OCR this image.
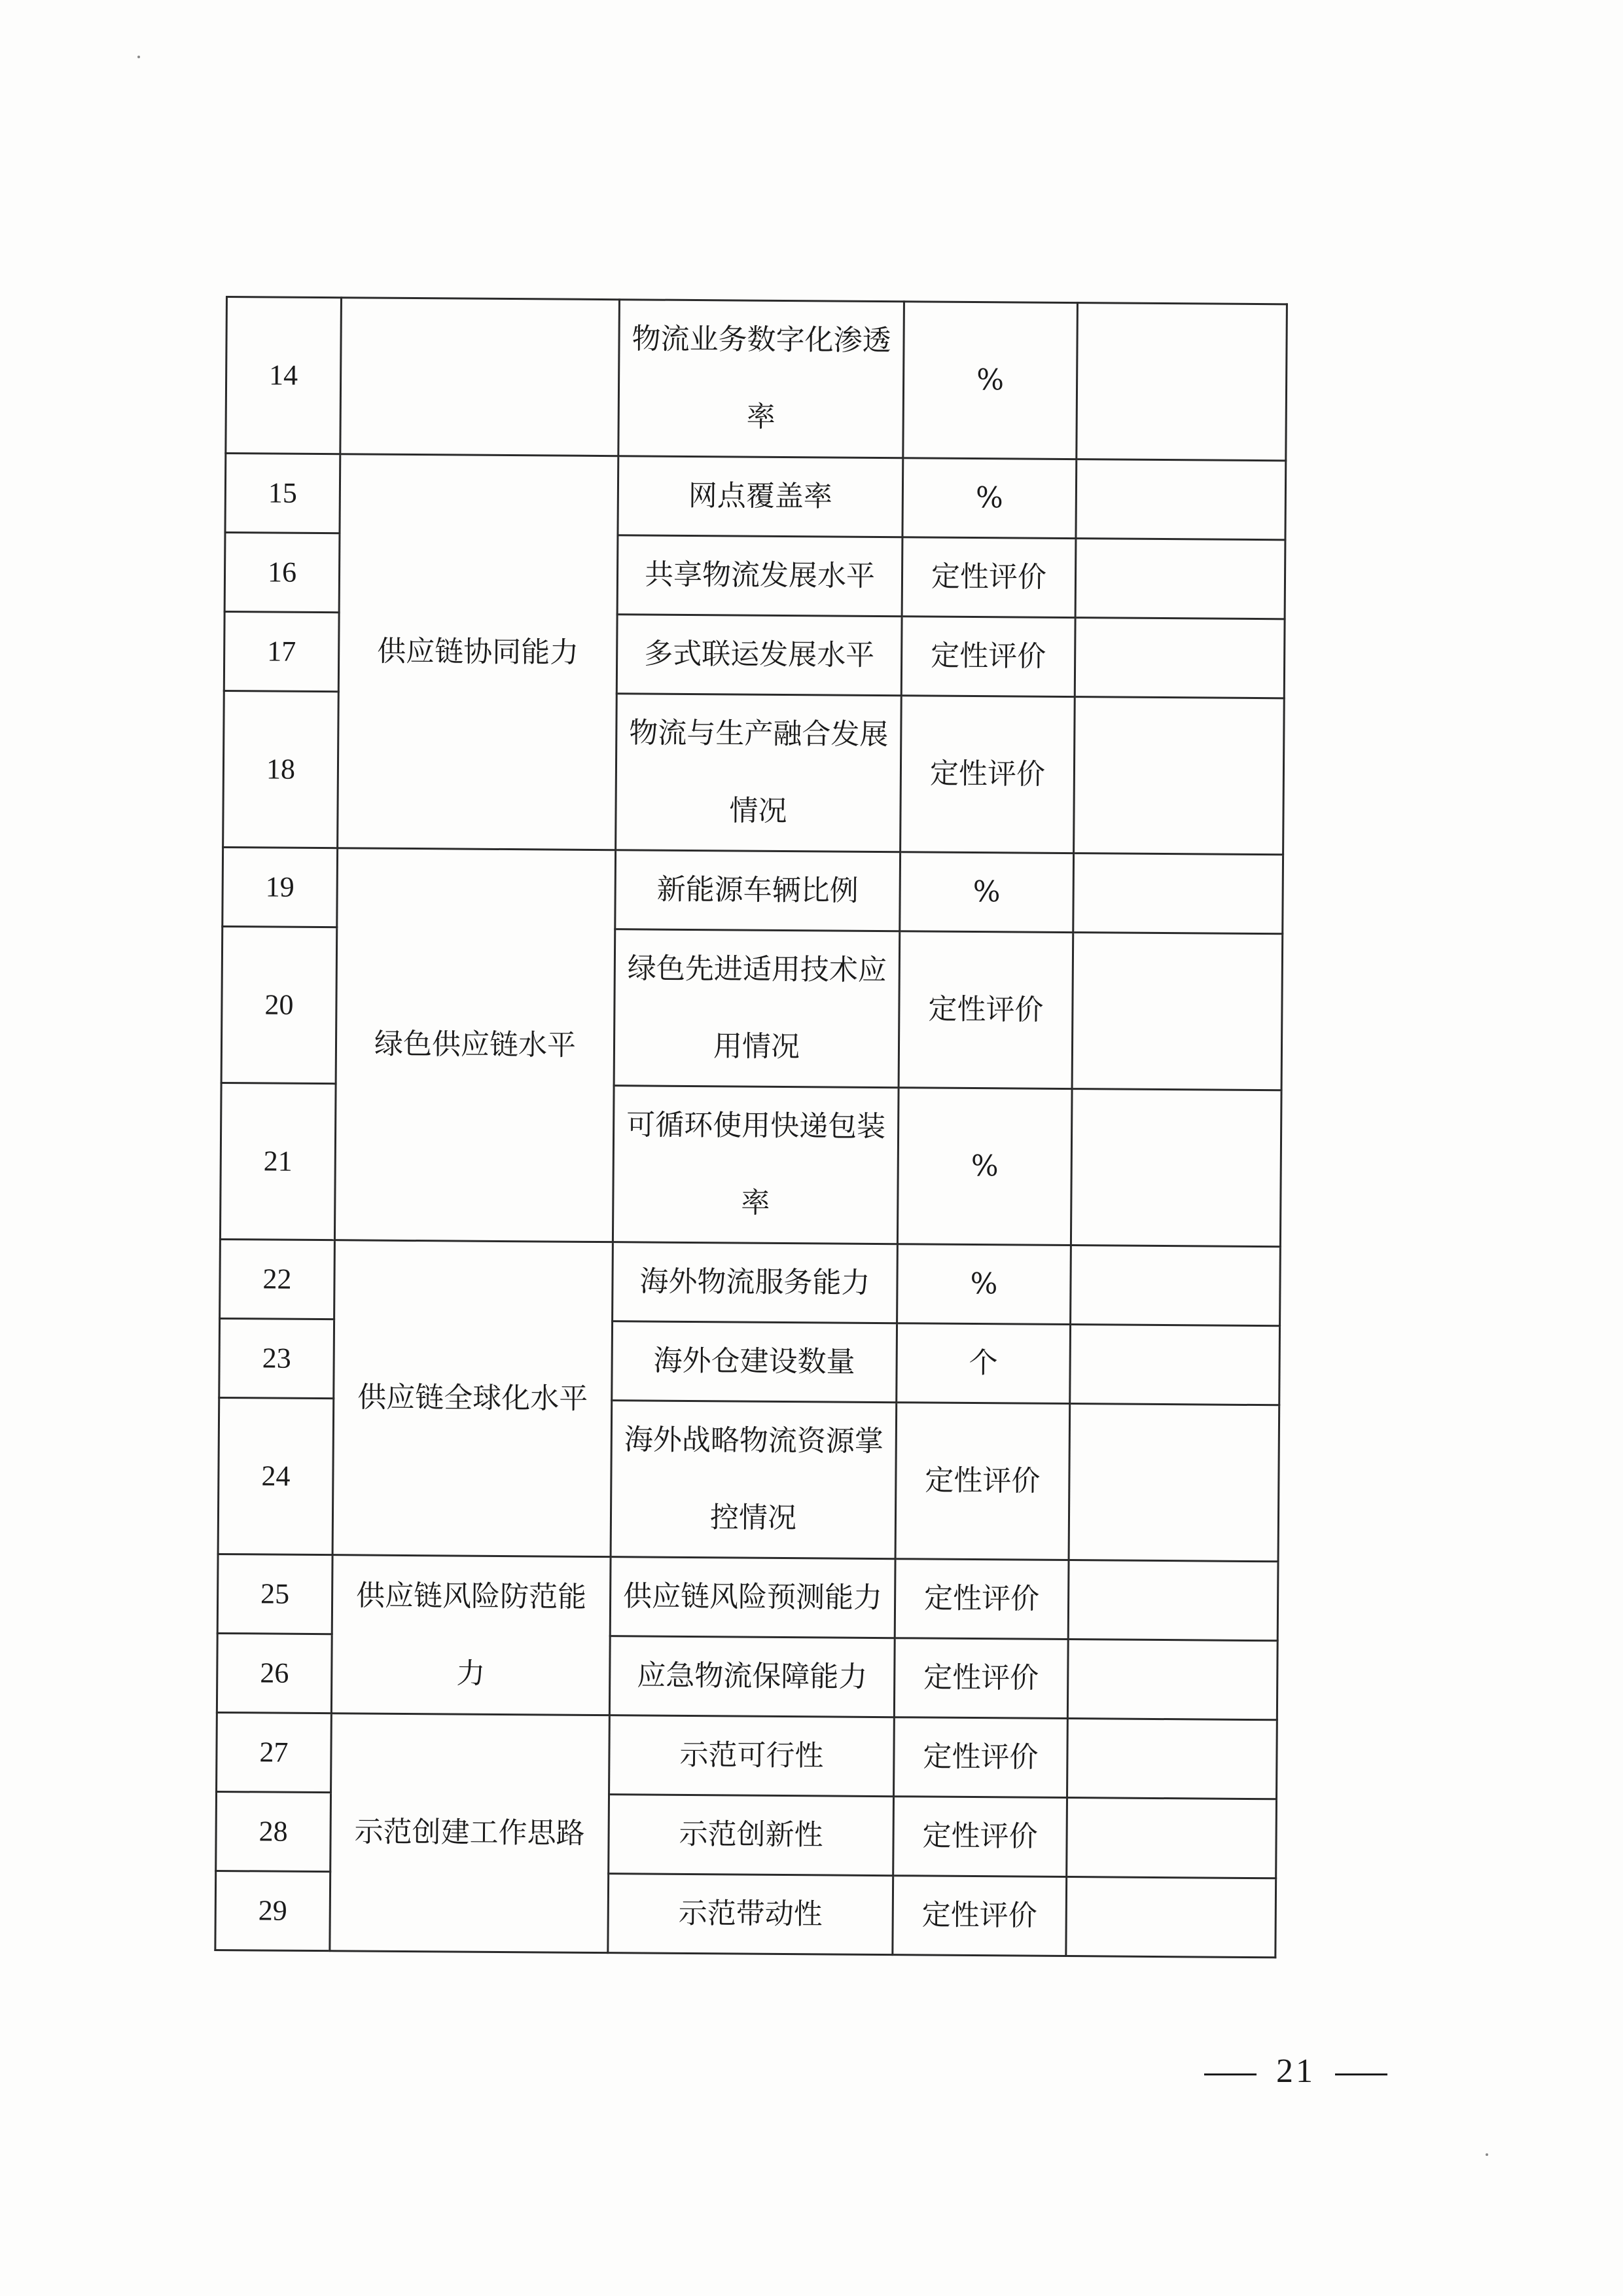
14		物流业务数字化渗透率	%	
15	供应链协同能力	网点覆盖率	%	
16		共享物流发展水平	定性评价	
17		多式联运发展水平	定性评价	
18		物流与生产融合发展情况	定性评价	
19	绿色供应链水平	新能源车辆比例	%	
20		绿色先进适用技术应用情况	定性评价	
21		可循环使用快递包装率	%	
22	供应链全球化水平	海外物流服务能力	%	
23		海外仓建设数量	个	
24		海外战略物流资源掌控情况	定性评价	
25	供应链风险防范能力	供应链风险预测能力	定性评价	
26		应急物流保障能力	定性评价	
27	示范创建工作思路	示范可行性	定性评价	
28		示范创新性	定性评价	
29		示范带动性	定性评价	
21
